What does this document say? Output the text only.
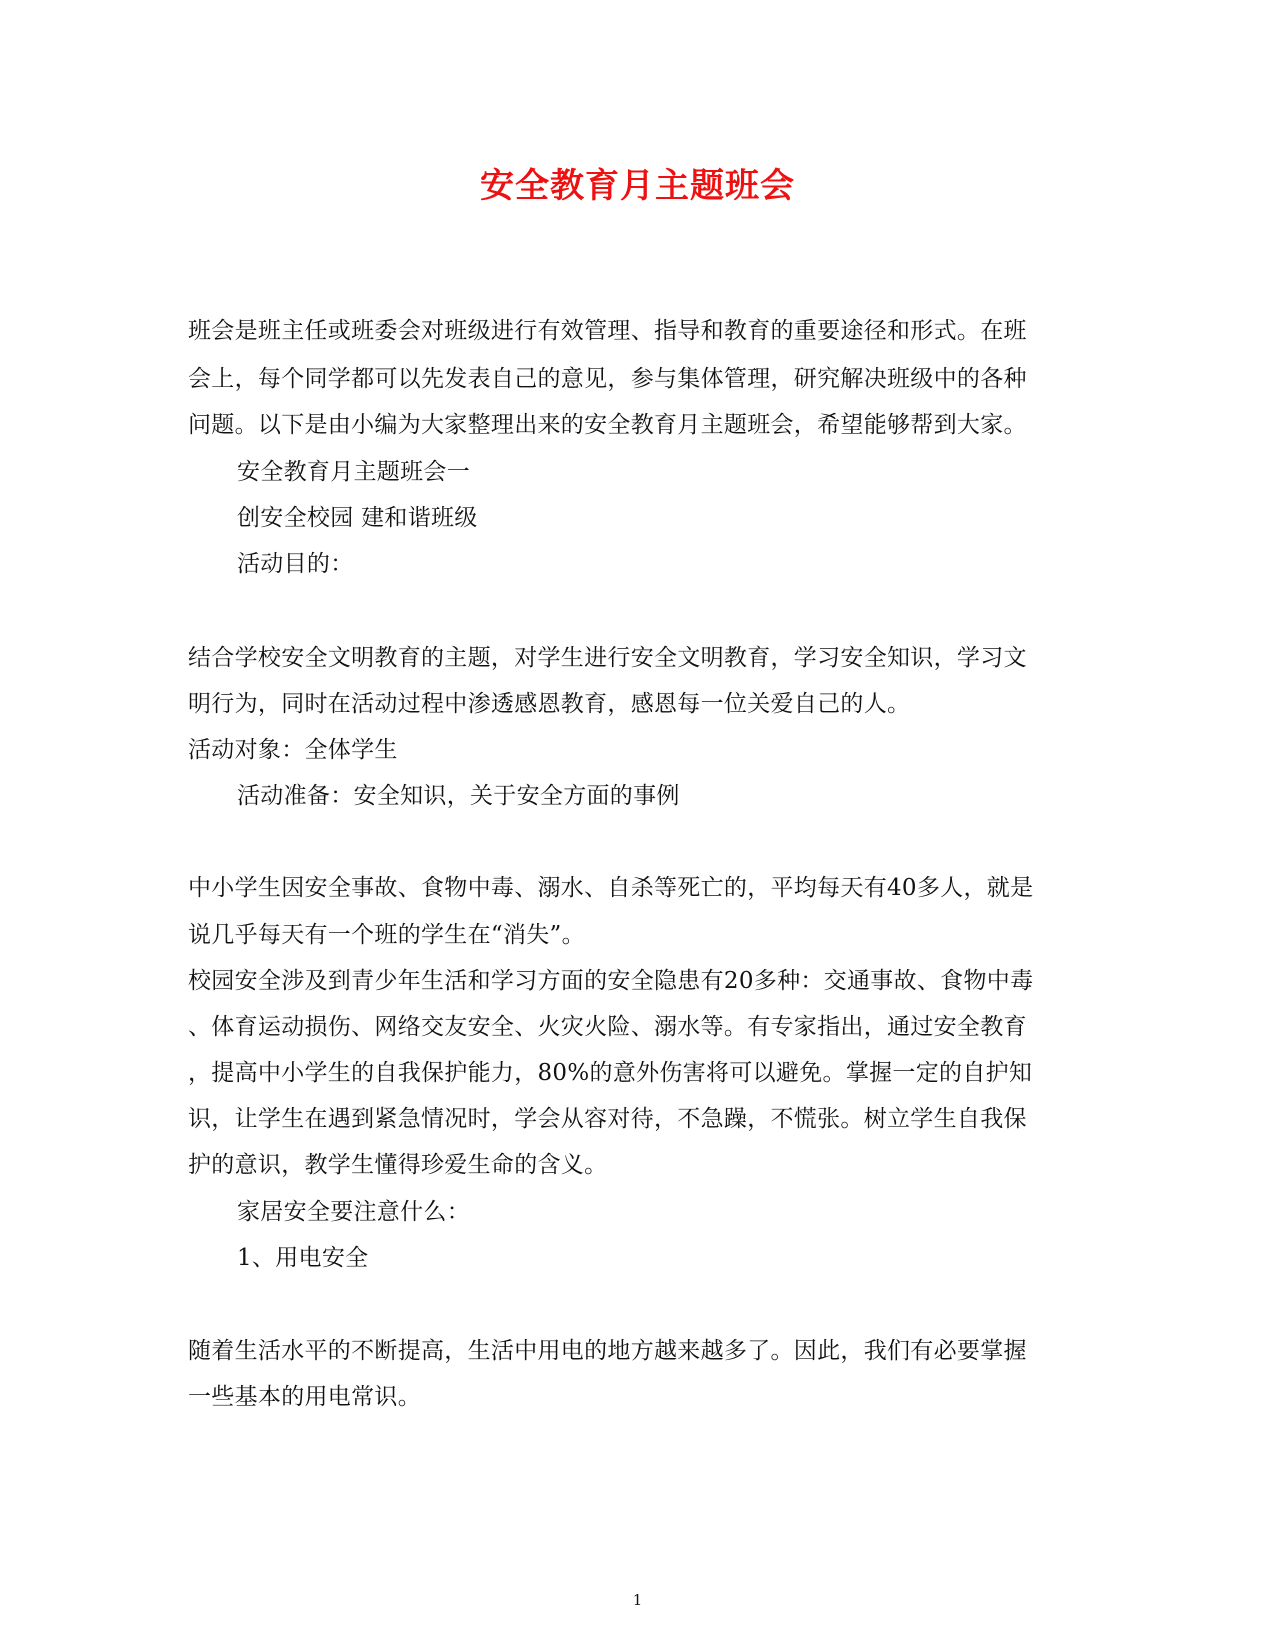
安全教育月主题班会
班会是班主任或班委会对班级进行有效管理、指导和教育的重要途径和形式。在班
会上，每个同学都可以先发表自己的意见，参与集体管理，研究解决班级中的各种
问题。以下是由小编为大家整理出来的安全教育月主题班会，希望能够帮到大家。
安全教育月主题班会一
创安全校园 建和谐班级
活动目的：
结合学校安全文明教育的主题，对学生进行安全文明教育，学习安全知识，学习文
明行为，同时在活动过程中渗透感恩教育，感恩每一位关爱自己的人。
活动对象：全体学生
活动准备：安全知识，关于安全方面的事例
中小学生因安全事故、食物中毒、溺水、自杀等死亡的，平均每天有40多人，就是
说几乎每天有一个班的学生在“消失”。
校园安全涉及到青少年生活和学习方面的安全隐患有20多种：交通事故、食物中毒
、体育运动损伤、网络交友安全、火灾火险、溺水等。有专家指出，通过安全教育
，提高中小学生的自我保护能力，80%的意外伤害将可以避免。掌握一定的自护知
识，让学生在遇到紧急情况时，学会从容对待，不急躁，不慌张。树立学生自我保
护的意识，教学生懂得珍爱生命的含义。
家居安全要注意什么：
1、用电安全
随着生活水平的不断提高，生活中用电的地方越来越多了。因此，我们有必要掌握
一些基本的用电常识。
1
